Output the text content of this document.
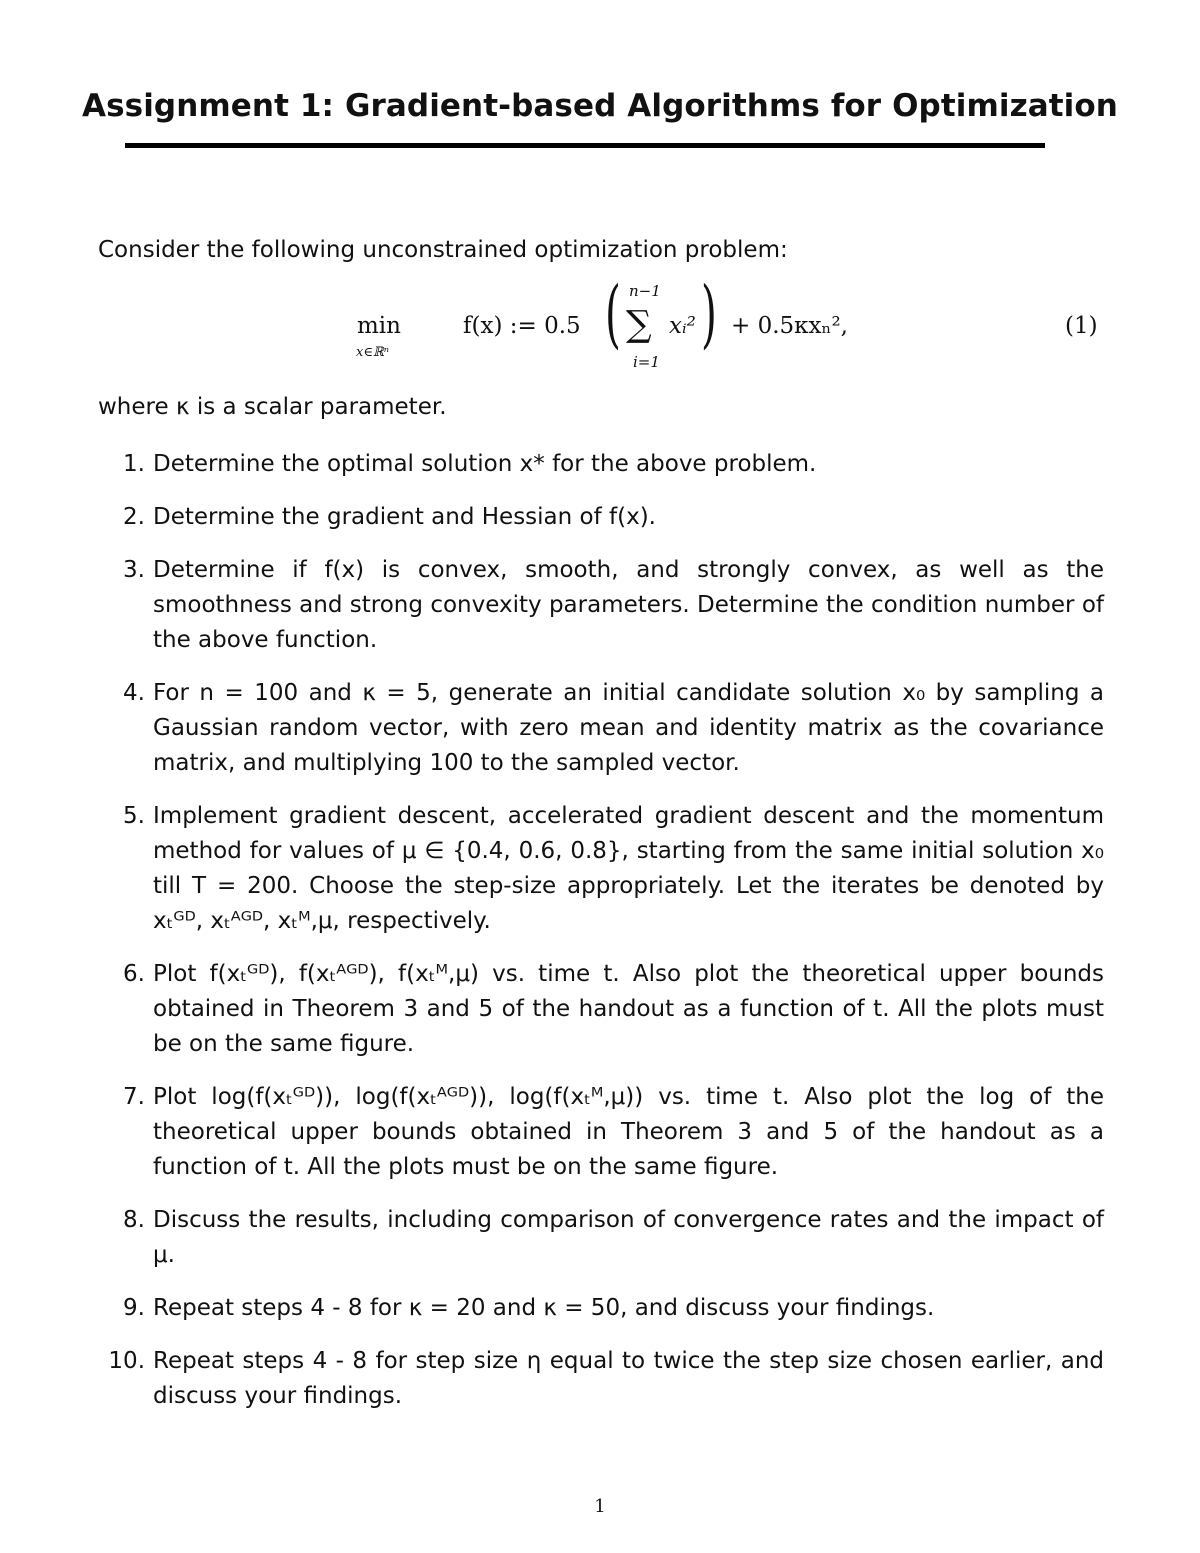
Assignment 1: Gradient-based Algorithms for Optimization

Consider the following unconstrained optimization problem:

min
x∈ℝⁿ
f(x) := 0.5 ( n−1
∑
i=1
xᵢ² ) + 0.5κxₙ²,	(1)

where κ is a scalar parameter.

1. Determine the optimal solution x* for the above problem.
2. Determine the gradient and Hessian of f(x).
3. Determine if f(x) is convex, smooth, and strongly convex, as well as the smoothness and strong convexity parameters. Determine the condition number of the above function.
4. For n = 100 and κ = 5, generate an initial candidate solution x₀ by sampling a Gaussian random vector, with zero mean and identity matrix as the covariance matrix, and multiplying 100 to the sampled vector.
5. Implement gradient descent, accelerated gradient descent and the momentum method for values of μ ∈ {0.4, 0.6, 0.8}, starting from the same initial solution x₀ till T = 200. Choose the step-size appropriately. Let the iterates be denoted by xₜᴳᴰ, xₜᴬᴳᴰ, xₜᴹ,μ, respectively.
6. Plot f(xₜᴳᴰ), f(xₜᴬᴳᴰ), f(xₜᴹ,μ) vs. time t. Also plot the theoretical upper bounds obtained in Theorem 3 and 5 of the handout as a function of t. All the plots must be on the same figure.
7. Plot log(f(xₜᴳᴰ)), log(f(xₜᴬᴳᴰ)), log(f(xₜᴹ,μ)) vs. time t. Also plot the log of the theoretical upper bounds obtained in Theorem 3 and 5 of the handout as a function of t. All the plots must be on the same figure.
8. Discuss the results, including comparison of convergence rates and the impact of μ.
9. Repeat steps 4 - 8 for κ = 20 and κ = 50, and discuss your findings.
10. Repeat steps 4 - 8 for step size η equal to twice the step size chosen earlier, and discuss your findings.
1
